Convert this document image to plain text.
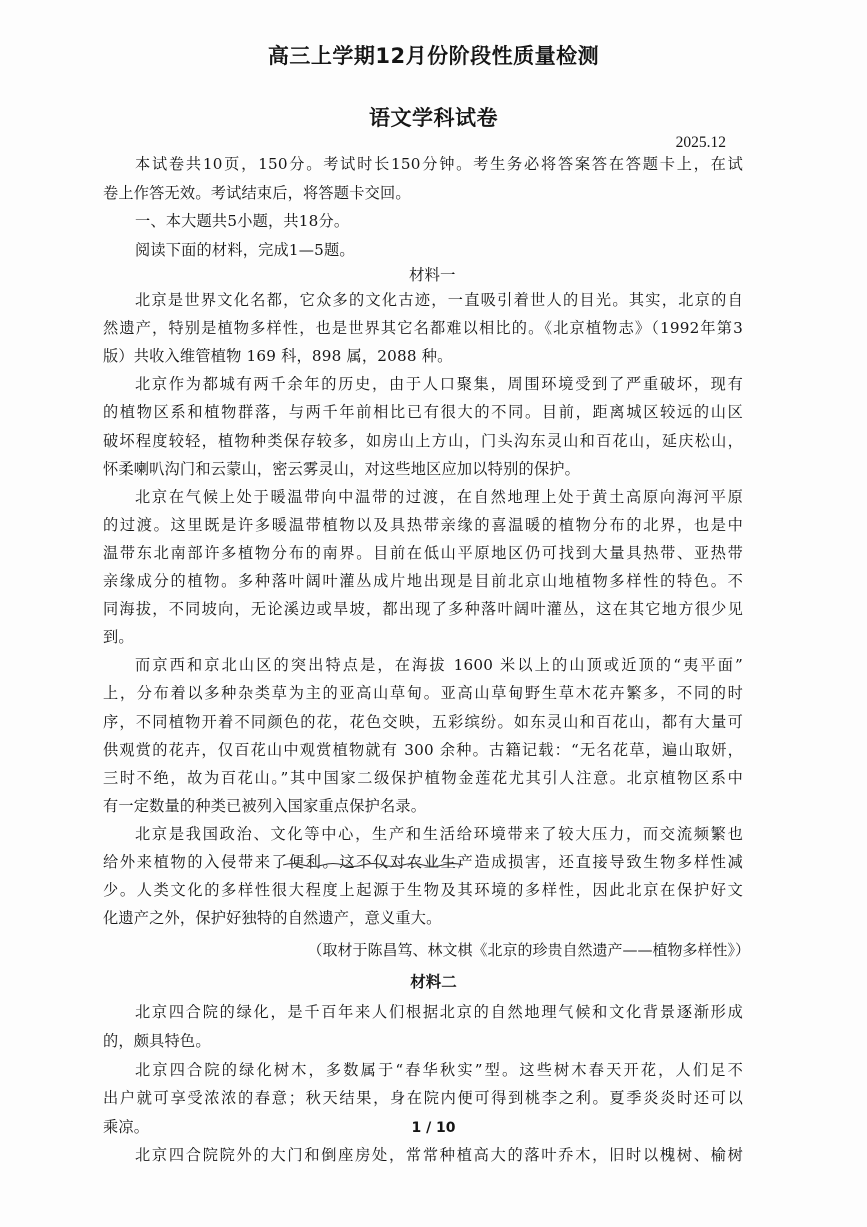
高三上学期12月份阶段性质量检测
语文学科试卷
2025.12
本试卷共10页，150分。考试时长150分钟。考生务必将答案答在答题卡上，在试
卷上作答无效。考试结束后，将答题卡交回。
一、本大题共5小题，共18分。
阅读下面的材料，完成1—5题。
材料一
北京是世界文化名都，它众多的文化古迹，一直吸引着世人的目光。其实，北京的自
然遗产，特别是植物多样性，也是世界其它名都难以相比的。《北京植物志》（1992年第3
版）共收入维管植物 169 科，898 属，2088 种。
北京作为都城有两千余年的历史，由于人口聚集，周围环境受到了严重破坏，现有
的植物区系和植物群落，与两千年前相比已有很大的不同。目前，距离城区较远的山区
破坏程度较轻，植物种类保存较多，如房山上方山，门头沟东灵山和百花山，延庆松山，
怀柔喇叭沟门和云蒙山，密云雾灵山，对这些地区应加以特别的保护。
北京在气候上处于暖温带向中温带的过渡，在自然地理上处于黄土高原向海河平原
的过渡。这里既是许多暖温带植物以及具热带亲缘的喜温暖的植物分布的北界，也是中
温带东北南部许多植物分布的南界。目前在低山平原地区仍可找到大量具热带、亚热带
亲缘成分的植物。多种落叶阔叶灌丛成片地出现是目前北京山地植物多样性的特色。不
同海拔，不同坡向，无论溪边或旱坡，都出现了多种落叶阔叶灌丛，这在其它地方很少见
到。
而京西和京北山区的突出特点是，在海拔 1600 米以上的山顶或近顶的“夷平面”
上，分布着以多种杂类草为主的亚高山草甸。亚高山草甸野生草木花卉繁多，不同的时
序，不同植物开着不同颜色的花，花色交映，五彩缤纷。如东灵山和百花山，都有大量可
供观赏的花卉，仅百花山中观赏植物就有 300 余种。古籍记载：“无名花草，遍山取妍，
三时不绝，故为百花山。”其中国家二级保护植物金莲花尤其引人注意。北京植物区系中
有一定数量的种类已被列入国家重点保护名录。
北京是我国政治、文化等中心，生产和生活给环境带来了较大压力，而交流频繁也
给外来植物的入侵带来了便利。这不仅对农业生产造成损害，还直接导致生物多样性减
少。人类文化的多样性很大程度上起源于生物及其环境的多样性，因此北京在保护好文
化遗产之外，保护好独特的自然遗产，意义重大。
（取材于陈昌笃、林文棋《北京的珍贵自然遗产——植物多样性》）
材料二
北京四合院的绿化，是千百年来人们根据北京的自然地理气候和文化背景逐渐形成
的，颇具特色。
北京四合院的绿化树木，多数属于“春华秋实”型。这些树木春天开花，人们足不
出户就可享受浓浓的春意；秋天结果，身在院内便可得到桃李之利。夏季炎炎时还可以
乘凉。
北京四合院院外的大门和倒座房处，常常种植高大的落叶乔木，旧时以槐树、榆树
1 / 10
